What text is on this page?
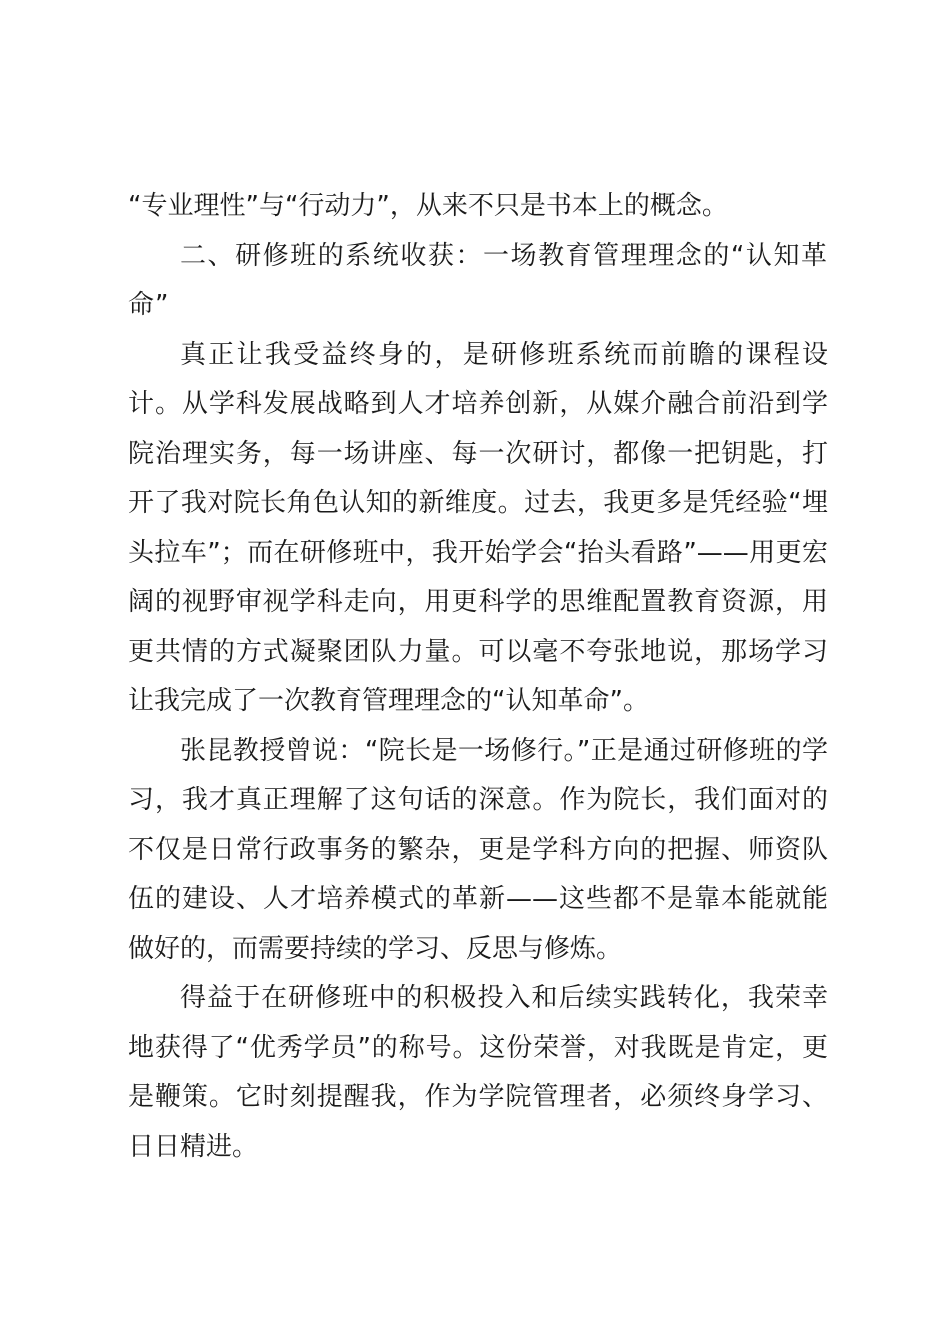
“专业理性”与“行动力”，从来不只是书本上的概念。

二、研修班的系统收获：一场教育管理理念的“认知革命”

真正让我受益终身的，是研修班系统而前瞻的课程设计。从学科发展战略到人才培养创新，从媒介融合前沿到学院治理实务，每一场讲座、每一次研讨，都像一把钥匙，打开了我对院长角色认知的新维度。过去，我更多是凭经验“埋头拉车”；而在研修班中，我开始学会“抬头看路”——用更宏阔的视野审视学科走向，用更科学的思维配置教育资源，用更共情的方式凝聚团队力量。可以毫不夸张地说，那场学习让我完成了一次教育管理理念的“认知革命”。

张昆教授曾说：“院长是一场修行。”正是通过研修班的学习，我才真正理解了这句话的深意。作为院长，我们面对的不仅是日常行政事务的繁杂，更是学科方向的把握、师资队伍的建设、人才培养模式的革新——这些都不是靠本能就能做好的，而需要持续的学习、反思与修炼。

得益于在研修班中的积极投入和后续实践转化，我荣幸地获得了“优秀学员”的称号。这份荣誉，对我既是肯定，更是鞭策。它时刻提醒我，作为学院管理者，必须终身学习、日日精进。
